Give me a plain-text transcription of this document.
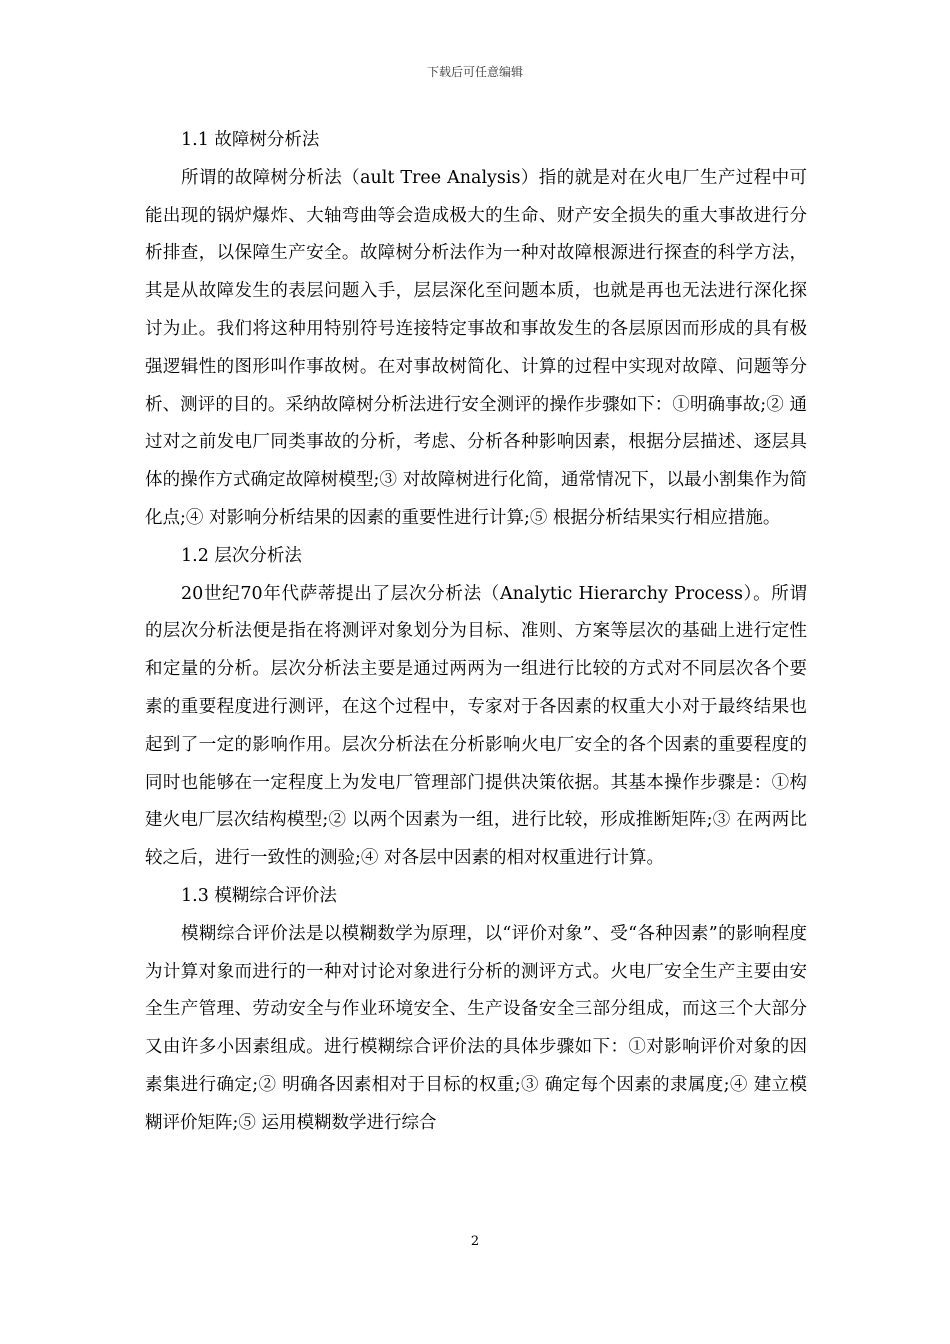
下载后可任意编辑

1.1 故障树分析法

所谓的故障树分析法（ault Tree Analysis）指的就是对在火电厂生产过程中可能出现的锅炉爆炸、大轴弯曲等会造成极大的生命、财产安全损失的重大事故进行分析排查，以保障生产安全。故障树分析法作为一种对故障根源进行探查的科学方法，其是从故障发生的表层问题入手，层层深化至问题本质，也就是再也无法进行深化探讨为止。我们将这种用特别符号连接特定事故和事故发生的各层原因而形成的具有极强逻辑性的图形叫作事故树。在对事故树简化、计算的过程中实现对故障、问题等分析、测评的目的。采纳故障树分析法进行安全测评的操作步骤如下：①明确事故;② 通过对之前发电厂同类事故的分析，考虑、分析各种影响因素，根据分层描述、逐层具体的操作方式确定故障树模型;③ 对故障树进行化简，通常情况下，以最小割集作为简化点;④ 对影响分析结果的因素的重要性进行计算;⑤ 根据分析结果实行相应措施。

1.2 层次分析法

20世纪70年代萨蒂提出了层次分析法（Analytic Hierarchy Process）。所谓的层次分析法便是指在将测评对象划分为目标、准则、方案等层次的基础上进行定性和定量的分析。层次分析法主要是通过两两为一组进行比较的方式对不同层次各个要素的重要程度进行测评，在这个过程中，专家对于各因素的权重大小对于最终结果也起到了一定的影响作用。层次分析法在分析影响火电厂安全的各个因素的重要程度的同时也能够在一定程度上为发电厂管理部门提供决策依据。其基本操作步骤是：①构建火电厂层次结构模型;② 以两个因素为一组，进行比较，形成推断矩阵;③ 在两两比较之后，进行一致性的测验;④ 对各层中因素的相对权重进行计算。

1.3 模糊综合评价法

模糊综合评价法是以模糊数学为原理，以“评价对象”、受“各种因素”的影响程度为计算对象而进行的一种对讨论对象进行分析的测评方式。火电厂安全生产主要由安全生产管理、劳动安全与作业环境安全、生产设备安全三部分组成，而这三个大部分又由许多小因素组成。进行模糊综合评价法的具体步骤如下：①对影响评价对象的因素集进行确定;② 明确各因素相对于目标的权重;③ 确定每个因素的隶属度;④ 建立模糊评价矩阵;⑤ 运用模糊数学进行综合

2
